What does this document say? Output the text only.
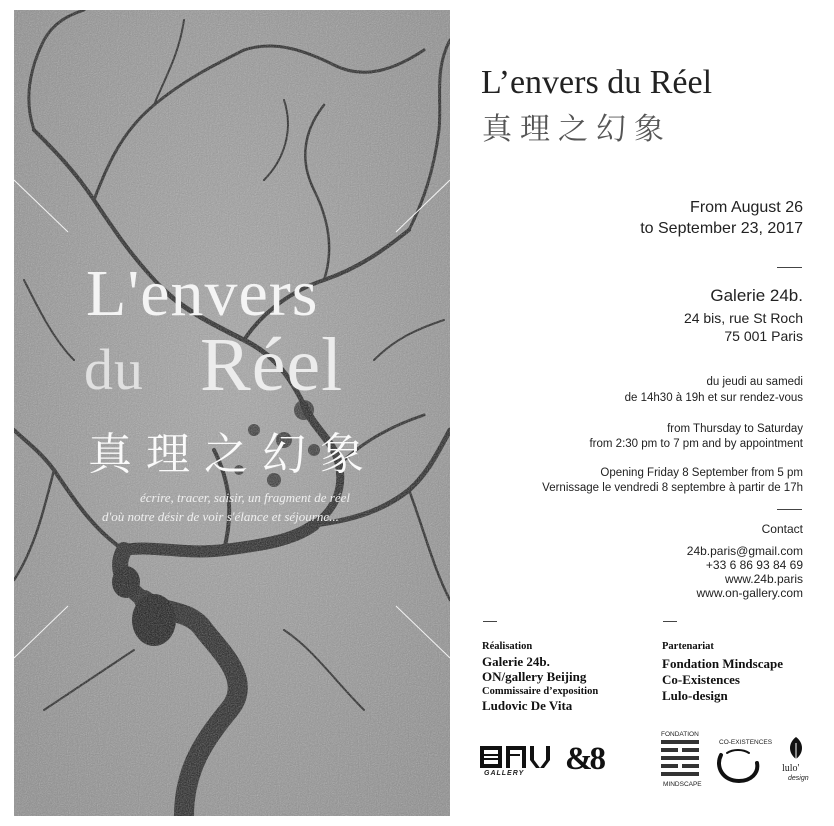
L'envers
du Réel
真理之幻象
écrire, tracer, saisir, un fragment de réel
d'où notre désir de voir s'élance et séjourne...
L’envers du Réel
真理之幻象
From August 26
to September 23, 2017
Galerie 24b.
24 bis, rue St Roch
75 001 Paris
du jeudi au samedi
de 14h30 à 19h et sur rendez-vous
from Thursday to Saturday
from 2:30 pm to 7 pm and by appointment
Opening Friday 8 September from 5 pm
Vernissage le vendredi 8 septembre à partir de 17h
Contact
24b.paris@gmail.com
+33 6 86 93 84 69
www.24b.paris
www.on-gallery.com
Réalisation
Galerie 24b.
ON/gallery Beijing
Commissaire d’exposition
Ludovic De Vita
Partenariat
Fondation Mindscape
Co-Existences
Lulo-design
GALLERY &8
FONDATION
MINDSCAPE
CO-EXISTENCES
lulo'
design
